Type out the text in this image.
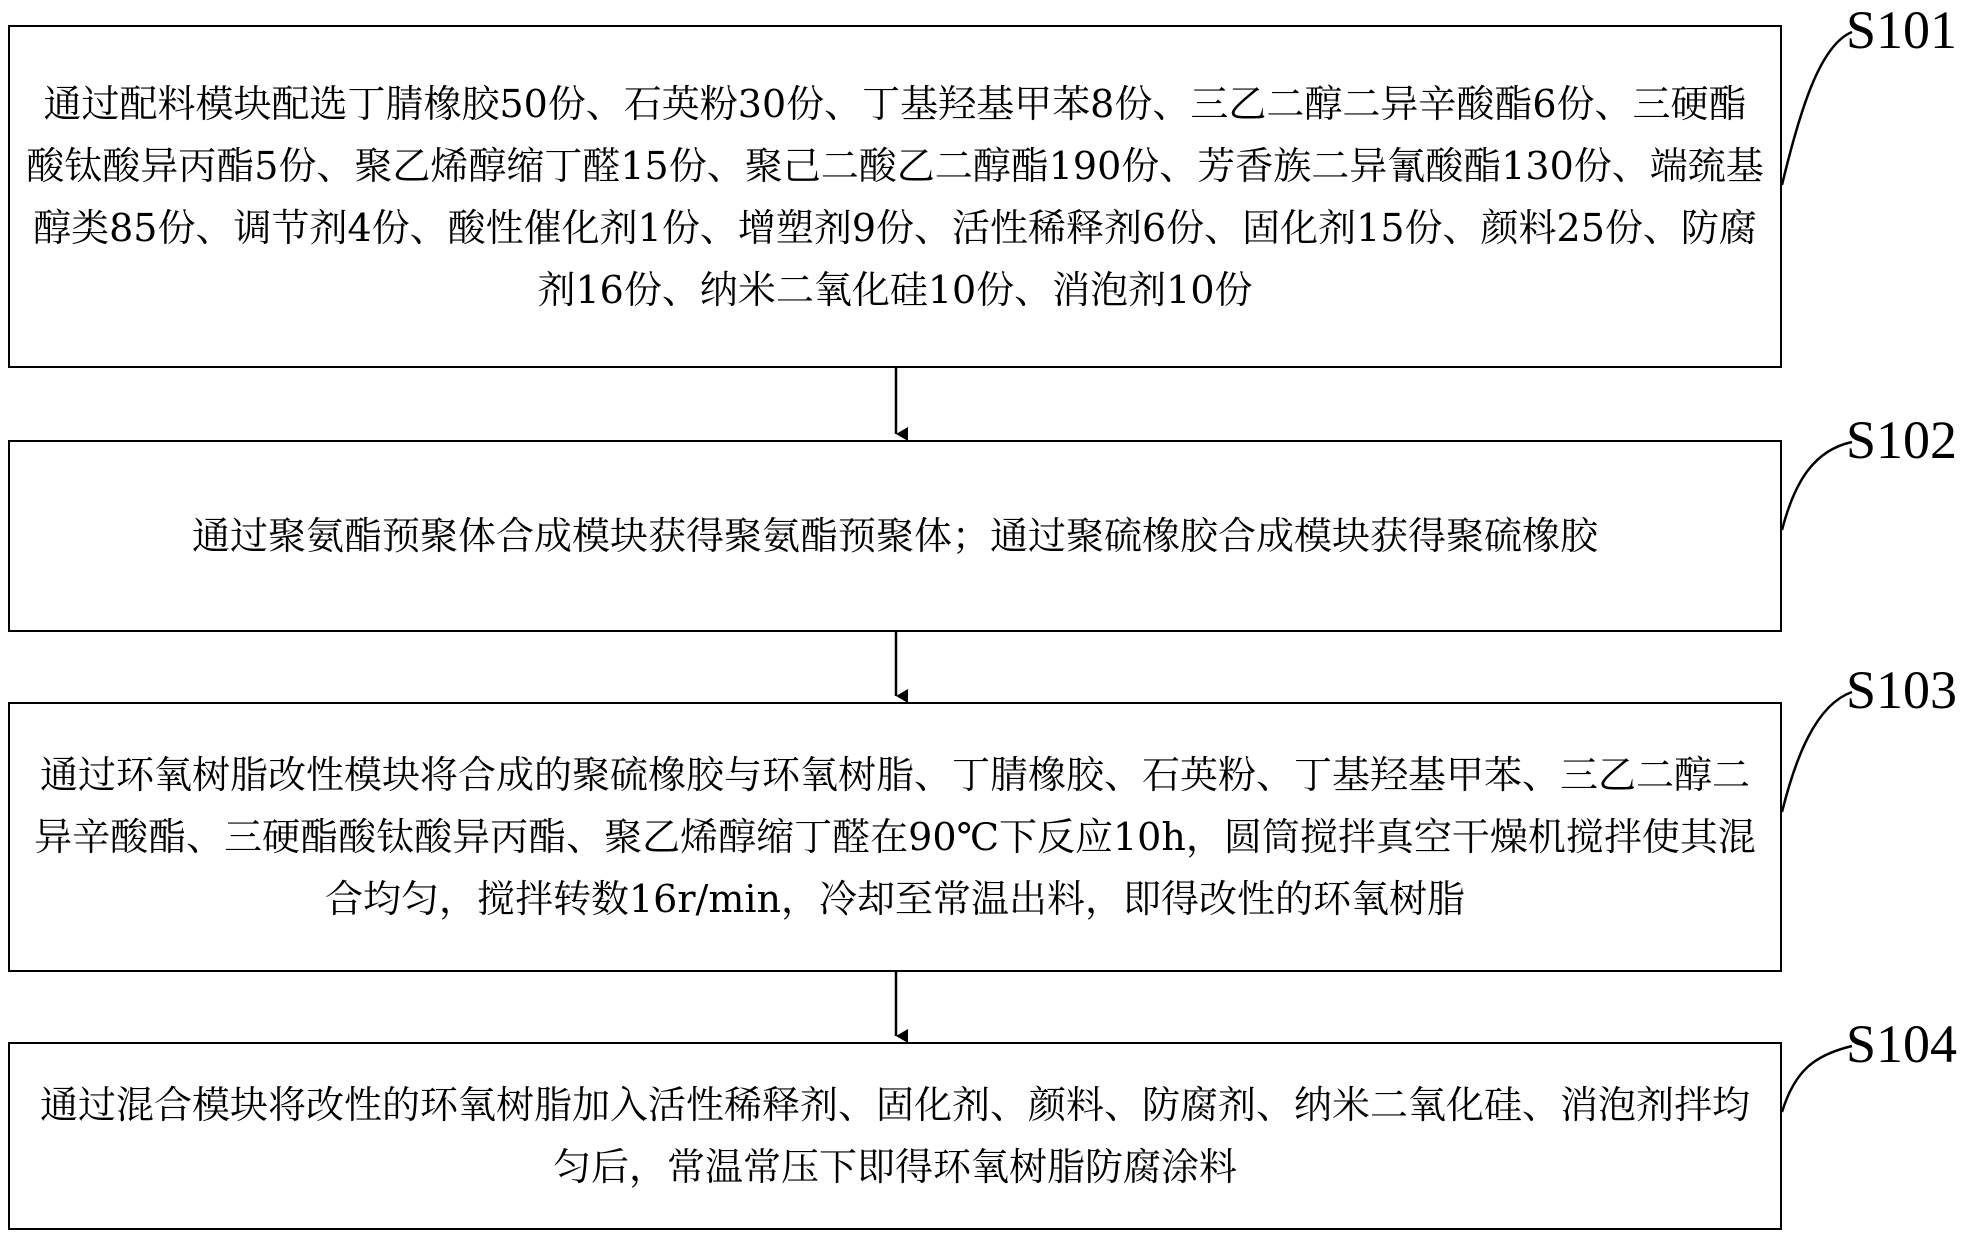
通过配料模块配选丁腈橡胶50份、石英粉30份、丁基羟基甲苯8份、三乙二醇二异辛酸酯6份、三硬酯酸钛酸异丙酯5份、聚乙烯醇缩丁醛15份、聚己二酸乙二醇酯190份、芳香族二异氰酸酯130份、端巯基醇类85份、调节剂4份、酸性催化剂1份、增塑剂9份、活性稀释剂6份、固化剂15份、颜料25份、防腐剂16份、纳米二氧化硅10份、消泡剂10份
通过聚氨酯预聚体合成模块获得聚氨酯预聚体；通过聚硫橡胶合成模块获得聚硫橡胶
通过环氧树脂改性模块将合成的聚硫橡胶与环氧树脂、丁腈橡胶、石英粉、丁基羟基甲苯、三乙二醇二异辛酸酯、三硬酯酸钛酸异丙酯、聚乙烯醇缩丁醛在90℃下反应10h，圆筒搅拌真空干燥机搅拌使其混合均匀，搅拌转数16r/min，冷却至常温出料，即得改性的环氧树脂
通过混合模块将改性的环氧树脂加入活性稀释剂、固化剂、颜料、防腐剂、纳米二氧化硅、消泡剂拌均匀后，常温常压下即得环氧树脂防腐涂料
S101
S102
S103
S104
